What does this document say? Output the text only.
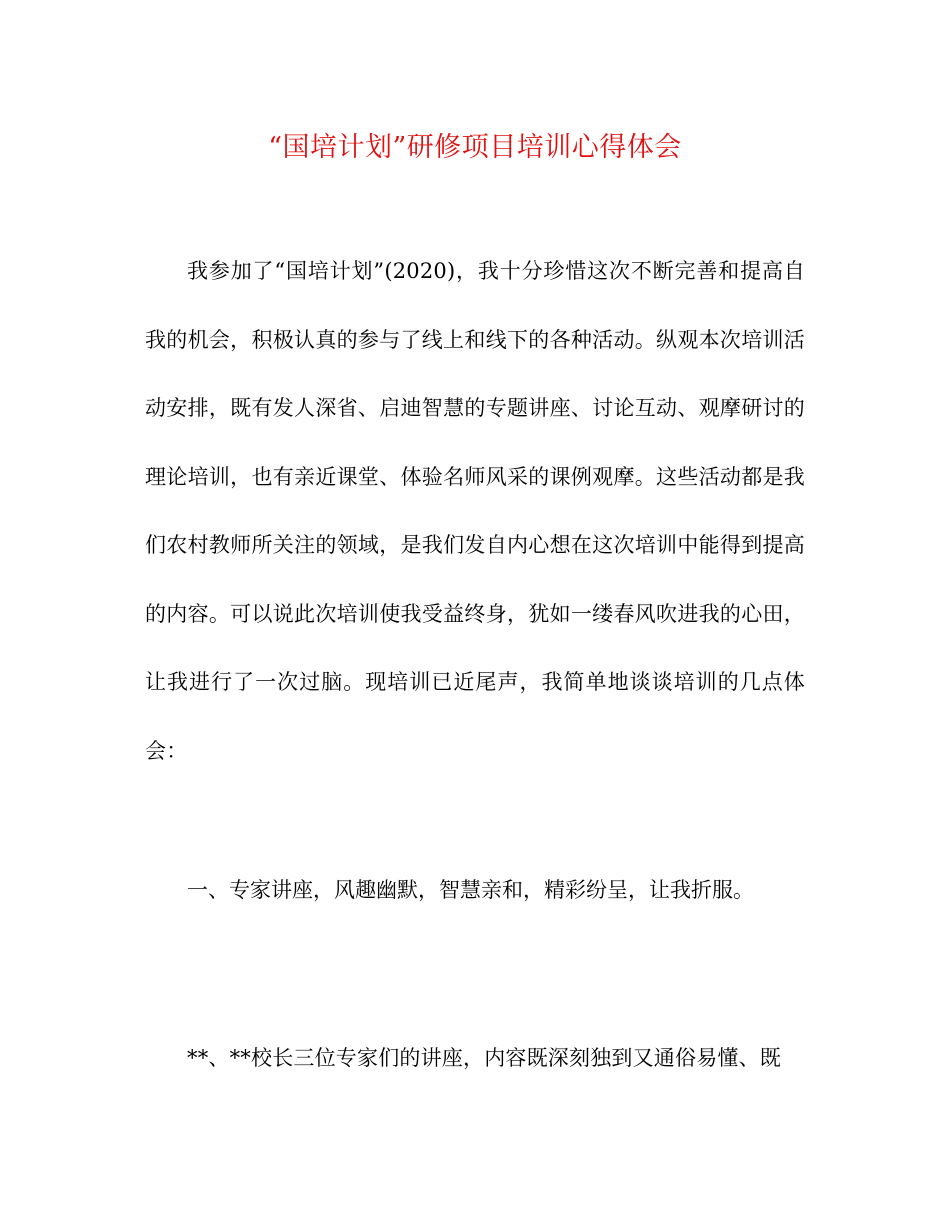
“国培计划”研修项目培训心得体会

我参加了“国培计划”(2020)，我十分珍惜这次不断完善和提高自我的机会，积极认真的参与了线上和线下的各种活动。纵观本次培训活动安排，既有发人深省、启迪智慧的专题讲座、讨论互动、观摩研讨的理论培训，也有亲近课堂、体验名师风采的课例观摩。这些活动都是我们农村教师所关注的领域，是我们发自内心想在这次培训中能得到提高的内容。可以说此次培训使我受益终身，犹如一缕春风吹进我的心田，让我进行了一次过脑。现培训已近尾声，我简单地谈谈培训的几点体会：

一、专家讲座，风趣幽默，智慧亲和，精彩纷呈，让我折服。

**、**校长三位专家们的讲座，内容既深刻独到又通俗易懂、既
